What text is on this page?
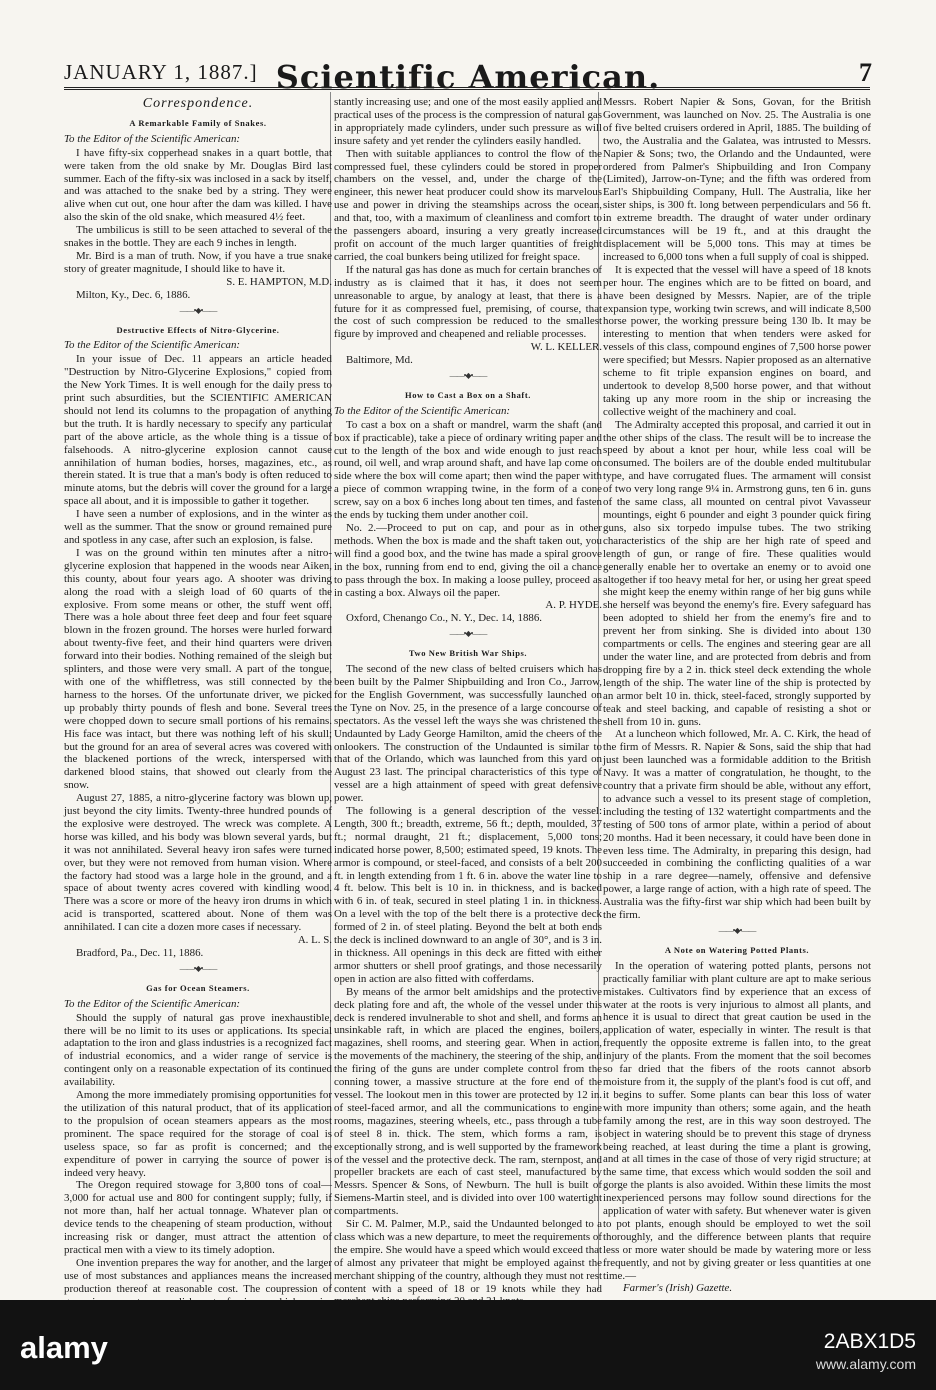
JANUARY 1, 1887.] Scientific American.	7
Correspondence.
A Remarkable Family of Snakes.

To the Editor of the Scientific American:

I have fifty-six copperhead snakes in a quart bottle, that were taken from the old snake by Mr. Douglas Bird last summer. Each of the fifty-six was inclosed in a sack by itself, and was attached to the snake bed by a string. They were alive when cut out, one hour after the dam was killed. I have also the skin of the old snake, which measured 4½ feet.

The umbilicus is still to be seen attached to several of the snakes in the bottle. They are each 9 inches in length.

Mr. Bird is a man of truth. Now, if you have a true snake story of greater magnitude, I should like to have it.

S. E. HAMPTON, M.D.

Milton, Ky., Dec. 6, 1886.

——•◆•——
Destructive Effects of Nitro-Glycerine.

To the Editor of the Scientific American:

In your issue of Dec. 11 appears an article headed "Destruction by Nitro-Glycerine Explosions," copied from the New York Times. It is well enough for the daily press to print such absurdities, but the SCIENTIFIC AMERICAN should not lend its columns to the propagation of anything but the truth. It is hardly necessary to specify any particular part of the above article, as the whole thing is a tissue of falsehoods. A nitro-glycerine explosion cannot cause annihilation of human bodies, horses, magazines, etc., as therein stated. It is true that a man's body is often reduced to minute atoms, but the debris will cover the ground for a large space all about, and it is impossible to gather it together.

I have seen a number of explosions, and in the winter as well as the summer. That the snow or ground remained pure and spotless in any case, after such an explosion, is false.

I was on the ground within ten minutes after a nitro-glycerine explosion that happened in the woods near Aiken, this county, about four years ago. A shooter was driving along the road with a sleigh load of 60 quarts of the explosive. From some means or other, the stuff went off. There was a hole about three feet deep and four feet square blown in the frozen ground. The horses were hurled forward about twenty-five feet, and their hind quarters were driven forward into their bodies. Nothing remained of the sleigh but splinters, and those were very small. A part of the tongue, with one of the whiffletress, was still connected by the harness to the horses. Of the unfortunate driver, we picked up probably thirty pounds of flesh and bone. Several trees were chopped down to secure small portions of his remains. His face was intact, but there was nothing left of his skull; but the ground for an area of several acres was covered with the blackened portions of the wreck, interspersed with darkened blood stains, that showed out clearly from the snow.

August 27, 1885, a nitro-glycerine factory was blown up, just beyond the city limits. Twenty-three hundred pounds of the explosive were destroyed. The wreck was complete. A horse was killed, and his body was blown several yards, but it was not annihilated. Several heavy iron safes were turned over, but they were not removed from human vision. Where the factory had stood was a large hole in the ground, and a space of about twenty acres covered with kindling wood. There was a score or more of the heavy iron drums in which acid is transported, scattered about. None of them was annihilated. I can cite a dozen more cases if necessary.

A. L. S.

Bradford, Pa., Dec. 11, 1886.

——•◆•——
Gas for Ocean Steamers.

To the Editor of the Scientific American:

Should the supply of natural gas prove inexhaustible, there will be no limit to its uses or applications. Its special adaptation to the iron and glass industries is a recognized fact of industrial economics, and a wider range of service is contingent only on a reasonable expectation of its continued availability.

Among the more immediately promising opportunities for the utilization of this natural product, that of its application to the propulsion of ocean steamers appears as the most prominent. The space required for the storage of coal is useless space, so far as profit is concerned; and the expenditure of power in carrying the source of power is indeed very heavy.

The Oregon required stowage for 3,800 tons of coal—3,000 for actual use and 800 for contingent supply; fully, if not more than, half her actual tonnage. Whatever plan or device tends to the cheapening of steam production, without increasing risk or danger, must attract the attention of practical men with a view to its timely adoption.

One invention prepares the way for another, and the larger use of most substances and appliances means the increased production thereof at reasonable cost. The coupression of

stantly increasing use; and one of the most easily applied and practical uses of the process is the compression of natural gas in appropriately made cylinders, under such pressure as will insure safety and yet render the cylinders easily handled.

Then with suitable appliances to control the flow of the compressed fuel, these cylinders could be stored in proper chambers on the vessel, and, under the charge of the engineer, this newer heat producer could show its marvelous use and power in driving the steamships across the ocean, and that, too, with a maximum of cleanliness and comfort to the passengers aboard, insuring a very greatly increased profit on account of the much larger quantities of freight carried, the coal bunkers being utilized for freight space.

If the natural gas has done as much for certain branches of industry as is claimed that it has, it does not seem unreasonable to argue, by analogy at least, that there is a future for it as compressed fuel, premising, of course, that the cost of such compression be reduced to the smallest figure by improved and cheapened and reliable processes.

W. L. KELLER.

Baltimore, Md.

——•◆•——
How to Cast a Box on a Shaft.

To the Editor of the Scientific American:

To cast a box on a shaft or mandrel, warm the shaft (and box if practicable), take a piece of ordinary writing paper and cut to the length of the box and wide enough to just reach round, oil well, and wrap around shaft, and have lap come on side where the box will come apart; then wind the paper with a piece of common wrapping twine, in the form of a cone screw, say on a box 6 inches long about ten times, and fasten the ends by tucking them under another coil.

No. 2.—Proceed to put on cap, and pour as in other methods. When the box is made and the shaft taken out, you will find a good box, and the twine has made a spiral groove in the box, running from end to end, giving the oil a chance to pass through the box. In making a loose pulley, proceed as in casting a box. Always oil the paper.

A. P. HYDE.

Oxford, Chenango Co., N. Y., Dec. 14, 1886.

——•◆•——
Two New British War Ships.

The second of the new class of belted cruisers which has been built by the Palmer Shipbuilding and Iron Co., Jarrow, for the English Government, was successfully launched on the Tyne on Nov. 25, in the presence of a large concourse of spectators. As the vessel left the ways she was christened the Undaunted by Lady George Hamilton, amid the cheers of the onlookers. The construction of the Undaunted is similar to that of the Orlando, which was launched from this yard on August 23 last. The principal characteristics of this type of vessel are a high attainment of speed with great defensive power.

The following is a general description of the vessel: Length, 300 ft.; breadth, extreme, 56 ft.; depth, moulded, 37 ft.; normal draught, 21 ft.; displacement, 5,000 tons; indicated horse power, 8,500; estimated speed, 19 knots. The armor is compound, or steel-faced, and consists of a belt 200 ft. in length extending from 1 ft. 6 in. above the water line to 4 ft. below. This belt is 10 in. in thickness, and is backed with 6 in. of teak, secured in steel plating 1 in. in thickness. On a level with the top of the belt there is a protective deck formed of 2 in. of steel plating. Beyond the belt at both ends the deck is inclined downward to an angle of 30°, and is 3 in. in thickness. All openings in this deck are fitted with either armor shutters or shell proof gratings, and those necessarily open in action are also fitted with cofferdams.

By means of the armor belt amidships and the protective deck plating fore and aft, the whole of the vessel under this deck is rendered invulnerable to shot and shell, and forms an unsinkable raft, in which are placed the engines, boilers, magazines, shell rooms, and steering gear. When in action, the movements of the machinery, the steering of the ship, and the firing of the guns are under complete control from the conning tower, a massive structure at the fore end of the vessel. The lookout men in this tower are protected by 12 in. of steel-faced armor, and all the communications to engine rooms, magazines, steering wheels, etc., pass through a tube of steel 8 in. thick. The stem, which forms a ram, is exceptionally strong, and is well supported by the framework of the vessel and the protective deck. The ram, sternpost, and propeller brackets are each of cast steel, manufactured by Messrs. Spencer & Sons, of Newburn. The hull is built of Siemens-Martin steel, and is divided into over 100 watertight compartments.

Sir C. M. Palmer, M.P., said the Undaunted belonged to a class which was a new departure, to meet the requirements of the empire. She would have a speed which would exceed that of almost any privateer that might be employed against the merchant shipping of the country, although they must not rest content with a speed of 18 or 19 knots while they had

Messrs. Robert Napier & Sons, Govan, for the British Government, was launched on Nov. 25. The Australia is one of five belted cruisers ordered in April, 1885. The building of two, the Australia and the Galatea, was intrusted to Messrs. Napier & Sons; two, the Orlando and the Undaunted, were ordered from Palmer's Shipbuilding and Iron Company (Limited), Jarrow-on-Tyne; and the fifth was ordered from Earl's Shipbuilding Company, Hull. The Australia, like her sister ships, is 300 ft. long between perpendiculars and 56 ft. in extreme breadth. The draught of water under ordinary circumstances will be 19 ft., and at this draught the displacement will be 5,000 tons. This may at times be increased to 6,000 tons when a full supply of coal is shipped.

It is expected that the vessel will have a speed of 18 knots per hour. The engines which are to be fitted on board, and have been designed by Messrs. Napier, are of the triple expansion type, working twin screws, and will indicate 8,500 horse power, the working pressure being 130 lb. It may be interesting to mention that when tenders were asked for vessels of this class, compound engines of 7,500 horse power were specified; but Messrs. Napier proposed as an alternative scheme to fit triple expansion engines on board, and undertook to develop 8,500 horse power, and that without taking up any more room in the ship or increasing the collective weight of the machinery and coal.

The Admiralty accepted this proposal, and carried it out in the other ships of the class. The result will be to increase the speed by about a knot per hour, while less coal will be consumed. The boilers are of the double ended multitubular type, and have corrugated flues. The armament will consist of two very long range 9¼ in. Armstrong guns, ten 6 in. guns of the same class, all mounted on central pivot Vavasseur mountings, eight 6 pounder and eight 3 pounder quick firing guns, also six torpedo impulse tubes. The two striking characteristics of the ship are her high rate of speed and length of gun, or range of fire. These qualities would generally enable her to overtake an enemy or to avoid one altogether if too heavy metal for her, or using her great speed she might keep the enemy within range of her big guns while she herself was beyond the enemy's fire. Every safeguard has been adopted to shield her from the enemy's fire and to prevent her from sinking. She is divided into about 130 compartments or cells. The engines and steering gear are all under the water line, and are protected from debris and from dropping fire by a 2 in. thick steel deck extending the whole length of the ship. The water line of the ship is protected by an armor belt 10 in. thick, steel-faced, strongly supported by teak and steel backing, and capable of resisting a shot or shell from 10 in. guns.

At a luncheon which followed, Mr. A. C. Kirk, the head of the firm of Messrs. R. Napier & Sons, said the ship that had just been launched was a formidable addition to the British Navy. It was a matter of congratulation, he thought, to the country that a private firm should be able, without any effort, to advance such a vessel to its present stage of completion, including the testing of 132 watertight compartments and the testing of 500 tons of armor plate, within a period of about 20 months. Had it been necessary, it could have been done in even less time. The Admiralty, in preparing this design, had succeeded in combining the conflicting qualities of a war ship in a rare degree—namely, offensive and defensive power, a large range of action, with a high rate of speed. The Australia was the fifty-first war ship which had been built by the firm.

——•◆•——
A Note on Watering Potted Plants.

In the operation of watering potted plants, persons not practically familiar with plant culture are apt to make serious mistakes. Cultivators find by experience that an excess of water at the roots is very injurious to almost all plants, and hence it is usual to direct that great caution be used in the application of water, especially in winter. The result is that frequently the opposite extreme is fallen into, to the great injury of the plants. From the moment that the soil becomes so far dried that the fibers of the roots cannot absorb moisture from it, the supply of the plant's food is cut off, and it begins to suffer. Some plants can bear this loss of water with more impunity than others; some again, and the heath family among the rest, are in this way soon destroyed. The object in watering should be to prevent this stage of dryness being reached, at least during the time a plant is growing, and at all times in the case of those of very rigid structure; at the same time, that excess which would sodden the soil and gorge the plants is also avoided. Within these limits the most inexperienced persons may follow sound directions for the application of water with safety. But whenever water is given to pot plants, enough should be employed to wet the soil thoroughly, and the difference between plants that require less or more water should be made by watering more or less frequently, and not by giving greater or less quantities at one time.—

Farmer's (Irish) Gazette.

alamy	2ABX1D5
www.alamy.com
